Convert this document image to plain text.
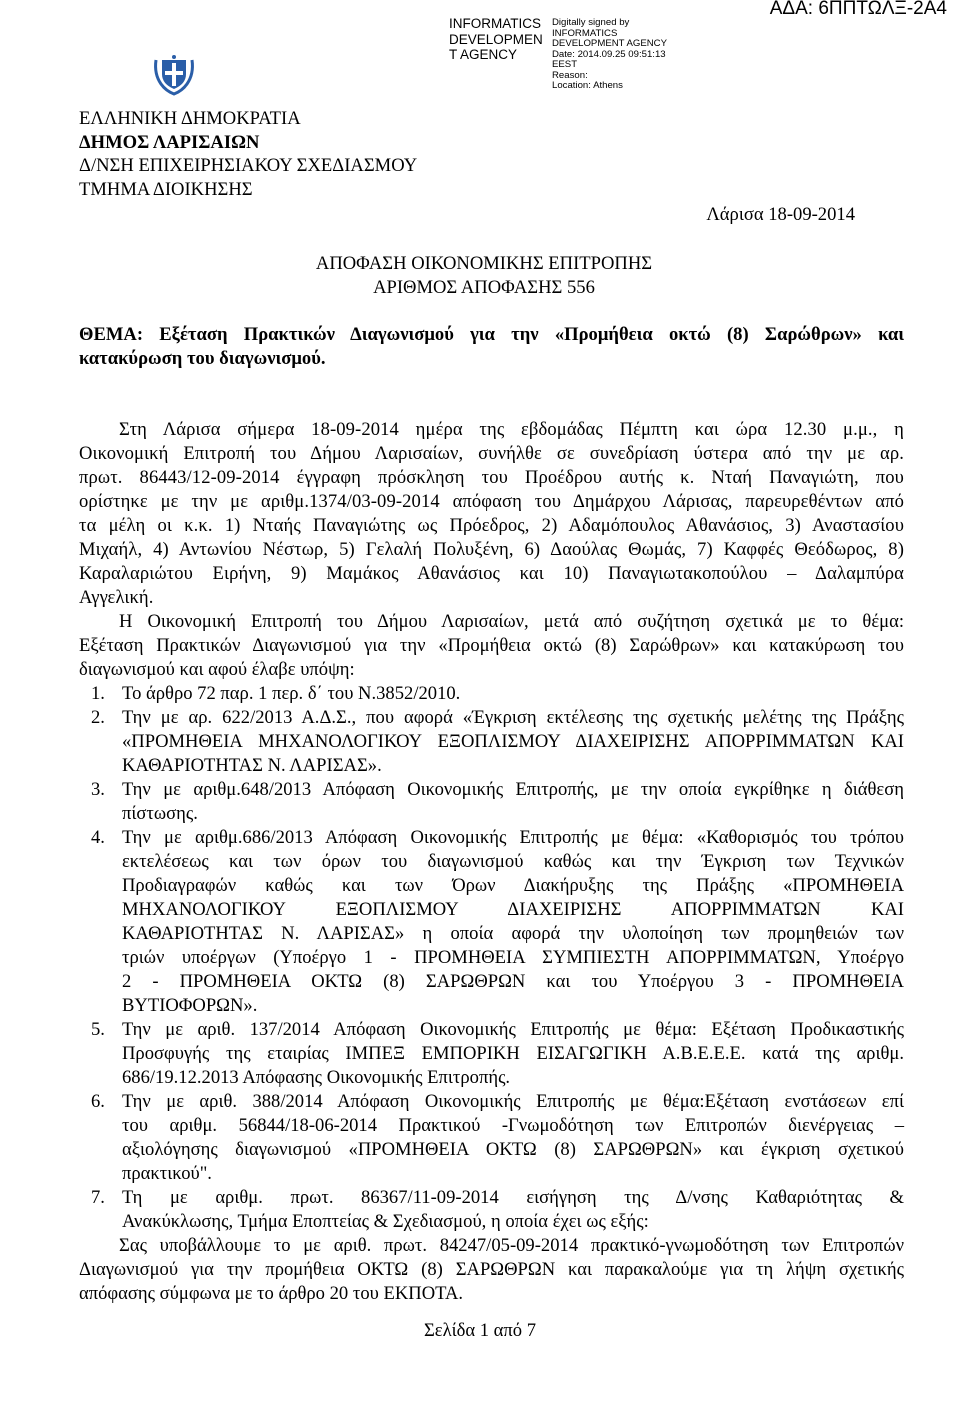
ΑΔΑ: 6ΠΠΤΩΛΞ-2Α4
INFORMATICS
DEVELOPMEN
T AGENCY
Digitally signed by
INFORMATICS
DEVELOPMENT AGENCY
Date: 2014.09.25 09:51:13
EEST
Reason:
Location: Athens
ΕΛΛΗΝΙΚΗ ΔΗΜΟΚΡΑΤΙΑ
ΔΗΜΟΣ ΛΑΡΙΣΑΙΩΝ
Δ/ΝΣΗ ΕΠΙΧΕΙΡΗΣΙΑΚΟΥ ΣΧΕΔΙΑΣΜΟΥ
ΤΜΗΜΑ ΔΙΟΙΚΗΣΗΣ
Λάρισα 18-09-2014
ΑΠΟΦΑΣΗ ΟΙΚΟΝΟΜΙΚΗΣ ΕΠΙΤΡΟΠΗΣ
ΑΡΙΘΜΟΣ ΑΠΟΦΑΣΗΣ 556
ΘΕΜΑ: Εξέταση Πρακτικών Διαγωνισμού για την «Προμήθεια οκτώ (8) Σαρώθρων» και
κατακύρωση του διαγωνισμού.
Στη Λάρισα σήμερα 18-09-2014 ημέρα της εβδομάδας Πέμπτη και ώρα 12.30 μ.μ., η
Οικονομική Επιτροπή του Δήμου Λαρισαίων, συνήλθε σε συνεδρίαση ύστερα από την με αρ.
πρωτ. 86443/12-09-2014 έγγραφη πρόσκληση του Προέδρου αυτής κ. Νταή Παναγιώτη, που
ορίστηκε με την με αριθμ.1374/03-09-2014 απόφαση του Δημάρχου Λάρισας, παρευρεθέντων από
τα μέλη οι κ.κ. 1) Νταής Παναγιώτης ως Πρόεδρος, 2) Αδαμόπουλος Αθανάσιος, 3) Αναστασίου
Μιχαήλ, 4) Αντωνίου Νέστωρ, 5) Γελαλή Πολυξένη, 6) Δαούλας Θωμάς, 7) Καφφές Θεόδωρος, 8)
Καραλαριώτου Ειρήνη, 9) Μαμάκος Αθανάσιος και 10) Παναγιωτακοπούλου – Δαλαμπύρα
Αγγελική.
Η Οικονομική Επιτροπή του Δήμου Λαρισαίων, μετά από συζήτηση σχετικά με το θέμα:
Εξέταση Πρακτικών Διαγωνισμού για την «Προμήθεια οκτώ (8) Σαρώθρων» και κατακύρωση του
διαγωνισμού και αφού έλαβε υπόψη:
1. Το άρθρο 72 παρ. 1 περ. δ΄ του Ν.3852/2010.
2. Την με αρ. 622/2013 Α.Δ.Σ., που αφορά «Έγκριση εκτέλεσης της σχετικής μελέτης της Πράξης
«ΠΡΟΜΗΘΕΙΑ ΜΗΧΑΝΟΛΟΓΙΚΟΥ ΕΞΟΠΛΙΣΜΟΥ ΔΙΑΧΕΙΡΙΣΗΣ ΑΠΟΡΡΙΜΜΑΤΩΝ ΚΑΙ
ΚΑΘΑΡΙΟΤΗΤΑΣ Ν. ΛΑΡΙΣΑΣ».
3. Την με αριθμ.648/2013 Απόφαση Οικονομικής Επιτροπής, με την οποία εγκρίθηκε η διάθεση
πίστωσης.
4. Την με αριθμ.686/2013 Απόφαση Οικονομικής Επιτροπής με θέμα: «Καθορισμός του τρόπου
εκτελέσεως και των όρων του διαγωνισμού καθώς και την Έγκριση των Τεχνικών
Προδιαγραφών καθώς και των Όρων Διακήρυξης της Πράξης «ΠΡΟΜΗΘΕΙΑ
ΜΗΧΑΝΟΛΟΓΙΚΟΥ ΕΞΟΠΛΙΣΜΟΥ ΔΙΑΧΕΙΡΙΣΗΣ ΑΠΟΡΡΙΜΜΑΤΩΝ ΚΑΙ
ΚΑΘΑΡΙΟΤΗΤΑΣ Ν. ΛΑΡΙΣΑΣ» η οποία αφορά την υλοποίηση των προμηθειών των
τριών υποέργων (Υποέργο 1 - ΠΡΟΜΗΘΕΙΑ ΣΥΜΠΙΕΣΤΗ ΑΠΟΡΡΙΜΜΑΤΩΝ, Υποέργο
2 - ΠΡΟΜΗΘΕΙΑ ΟΚΤΩ (8) ΣΑΡΩΘΡΩΝ και του Υποέργου 3 - ΠΡΟΜΗΘΕΙΑ
ΒΥΤΙΟΦΟΡΩΝ».
5. Την με αριθ. 137/2014 Απόφαση Οικονομικής Επιτροπής με θέμα: Εξέταση Προδικαστικής
Προσφυγής της εταιρίας ΙΜΠΕΞ ΕΜΠΟΡΙΚΗ ΕΙΣΑΓΩΓΙΚΗ Α.Β.Ε.Ε.Ε. κατά της αριθμ.
686/19.12.2013 Απόφασης Οικονομικής Επιτροπής.
6. Την με αριθ. 388/2014 Απόφαση Οικονομικής Επιτροπής με θέμα:Εξέταση ενστάσεων επί
του αριθμ. 56844/18-06-2014 Πρακτικού -Γνωμοδότηση των Επιτροπών διενέργειας –
αξιολόγησης διαγωνισμού «ΠΡΟΜΗΘΕΙΑ ΟΚΤΩ (8) ΣΑΡΩΘΡΩΝ» και έγκριση σχετικού
πρακτικού".
7. Τη με αριθμ. πρωτ. 86367/11-09-2014 εισήγηση της Δ/νσης Καθαριότητας &
Ανακύκλωσης, Τμήμα Εποπτείας & Σχεδιασμού, η οποία έχει ως εξής:
Σας υποβάλλουμε το με αριθ. πρωτ. 84247/05-09-2014 πρακτικό-γνωμοδότηση των Επιτροπών
Διαγωνισμού για την προμήθεια ΟΚΤΩ (8) ΣΑΡΩΘΡΩΝ και παρακαλούμε για τη λήψη σχετικής
απόφασης σύμφωνα με το άρθρο 20 του ΕΚΠΟΤΑ.
Σελίδα 1 από 7
